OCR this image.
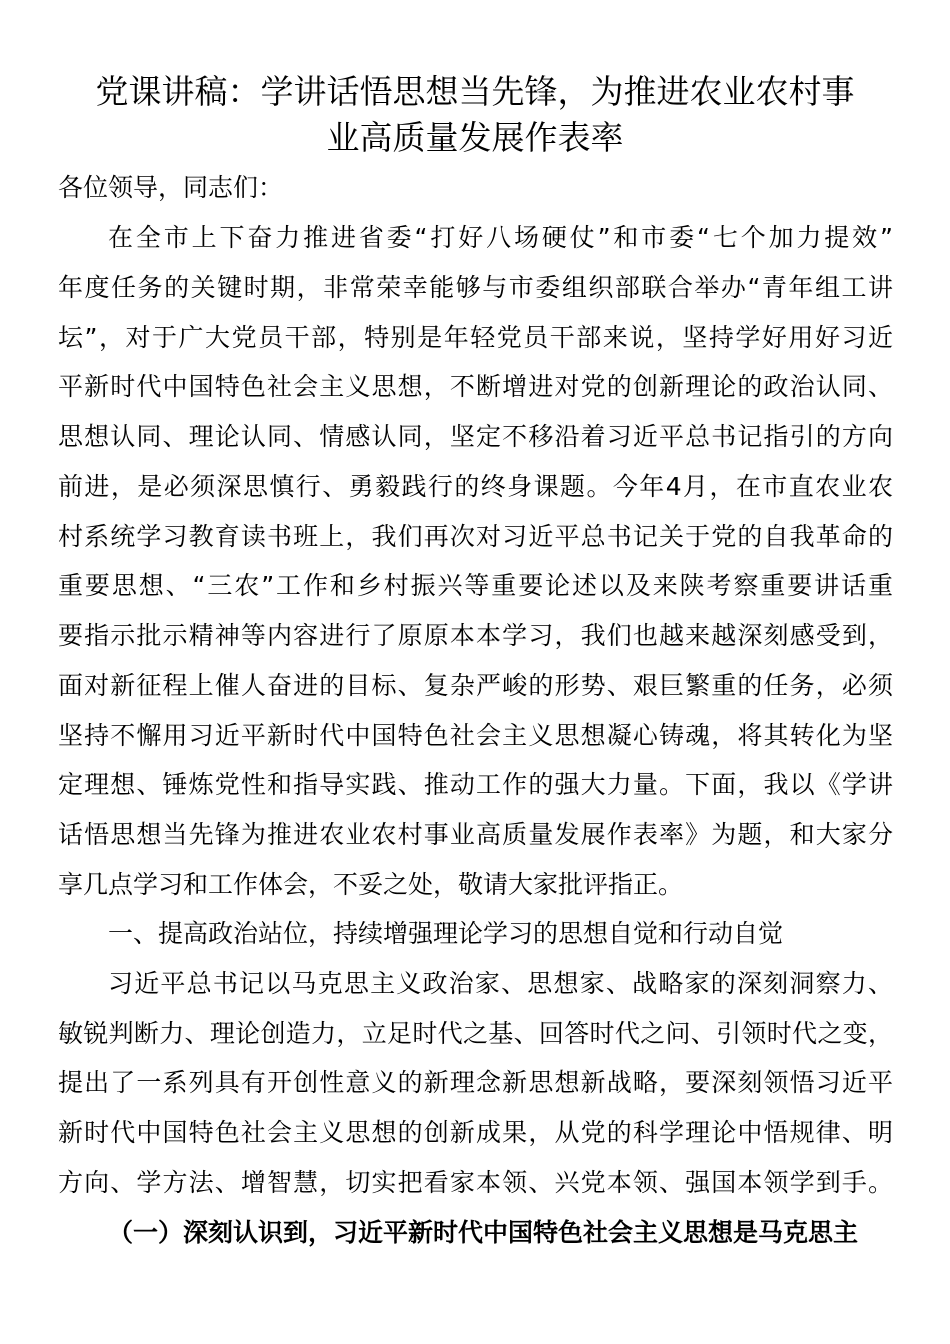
党课讲稿：学讲话悟思想当先锋，为推进农业农村事
业高质量发展作表率
各位领导，同志们：
在全市上下奋力推进省委“打好八场硬仗”和市委“七个加力提效”
年度任务的关键时期，非常荣幸能够与市委组织部联合举办“青年组工讲
坛”，对于广大党员干部，特别是年轻党员干部来说，坚持学好用好习近
平新时代中国特色社会主义思想，不断增进对党的创新理论的政治认同、
思想认同、理论认同、情感认同，坚定不移沿着习近平总书记指引的方向
前进，是必须深思慎行、勇毅践行的终身课题。今年4月，在市直农业农
村系统学习教育读书班上，我们再次对习近平总书记关于党的自我革命的
重要思想、“三农”工作和乡村振兴等重要论述以及来陕考察重要讲话重
要指示批示精神等内容进行了原原本本学习，我们也越来越深刻感受到，
面对新征程上催人奋进的目标、复杂严峻的形势、艰巨繁重的任务，必须
坚持不懈用习近平新时代中国特色社会主义思想凝心铸魂，将其转化为坚
定理想、锤炼党性和指导实践、推动工作的强大力量。下面，我以《学讲
话悟思想当先锋为推进农业农村事业高质量发展作表率》为题，和大家分
享几点学习和工作体会，不妥之处，敬请大家批评指正。
一、提高政治站位，持续增强理论学习的思想自觉和行动自觉
习近平总书记以马克思主义政治家、思想家、战略家的深刻洞察力、
敏锐判断力、理论创造力，立足时代之基、回答时代之问、引领时代之变，
提出了一系列具有开创性意义的新理念新思想新战略，要深刻领悟习近平
新时代中国特色社会主义思想的创新成果，从党的科学理论中悟规律、明
方向、学方法、增智慧，切实把看家本领、兴党本领、强国本领学到手。
（一）深刻认识到，习近平新时代中国特色社会主义思想是马克思主
